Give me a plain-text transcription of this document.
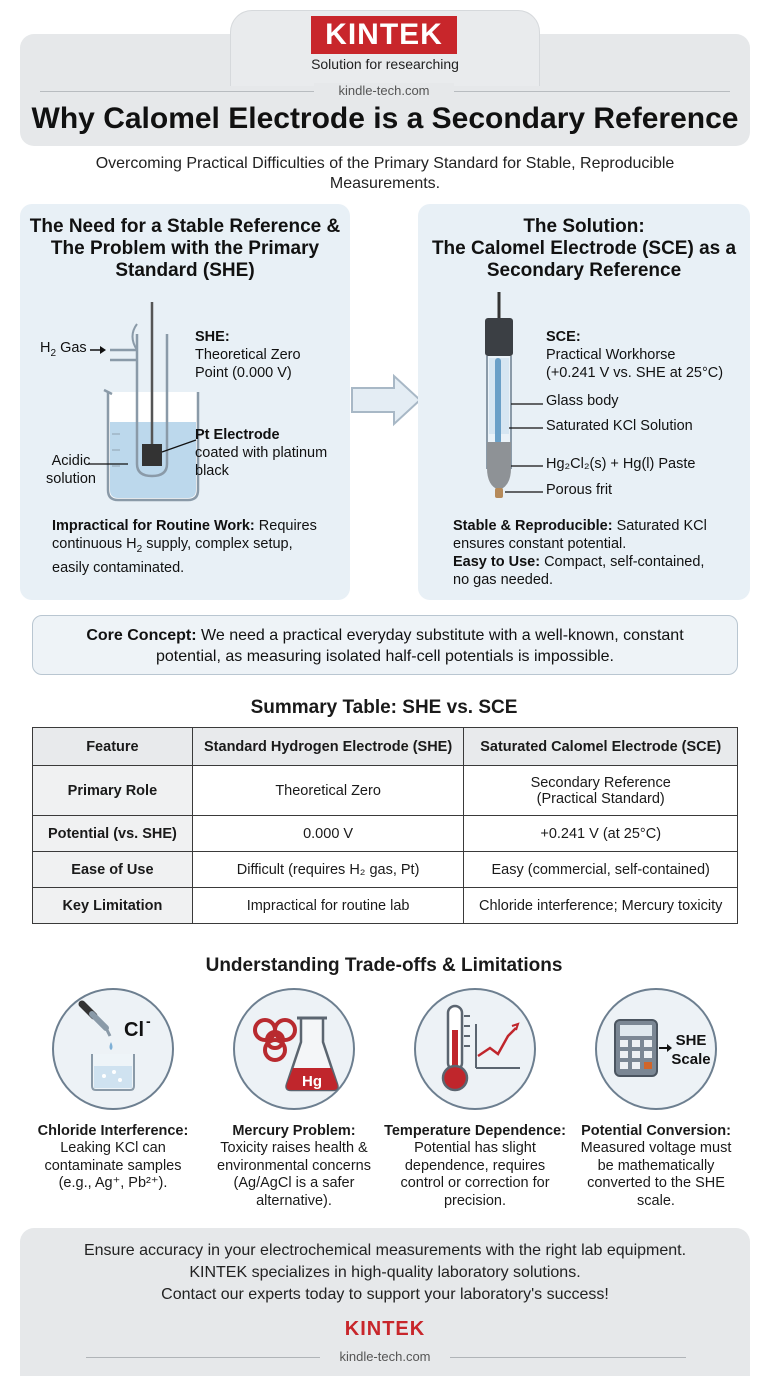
KINTEK
Solution for researching
kindle-tech.com
Why Calomel Electrode is a Secondary Reference
Overcoming Practical Difficulties of the Primary Standard for Stable, Reproducible Measurements.
The Need for a Stable Reference &
The Problem with the Primary
Standard (SHE)
$H_2$ Gas
Acidic
solution
SHE:
Theoretical Zero
Point (0.000 V)
Pt Electrode
coated with platinum
black
Impractical for Routine Work: Requires
continuous $H_2$ supply, complex setup,
easily contaminated.
The Solution:
The Calomel Electrode (SCE) as a
Secondary Reference
SCE:
Practical Workhorse
(+0.241 V vs. SHE at 25°C)
Glass body
Saturated KCl Solution
Hg₂Cl₂(s) + Hg(l) Paste
Porous frit
Stable & Reproducible: Saturated KCl
ensures constant potential.
Easy to Use: Compact, self-contained,
no gas needed.
Core Concept: We need a practical everyday substitute with a well-known, constant
potential, as measuring isolated half-cell potentials is impossible.
Summary Table: SHE vs. SCE
Feature	Standard Hydrogen Electrode (SHE)	Saturated Calomel Electrode (SCE)
Primary Role	Theoretical Zero	Secondary Reference
(Practical Standard)

Potential (vs. SHE)	0.000 V	+0.241 V (at 25°C)
Ease of Use	Difficult (requires H₂ gas, Pt)	Easy (commercial, self-contained)
Key Limitation	Impractical for routine lab	Chloride interference; Mercury toxicity
Understanding Trade-offs & Limitations
Cl -
Chloride Interference:
Leaking KCl can
contaminate samples
(e.g., Ag⁺, Pb²⁺).
Hg
Mercury Problem:
Toxicity raises health &
environmental concerns
(Ag/AgCl is a safer
alternative).
Temperature Dependence:
Potential has slight
dependence, requires
control or correction for
precision.
SHE
Scale
Potential Conversion:
Measured voltage must
be mathematically
converted to the SHE
scale.
Ensure accuracy in your electrochemical measurements with the right lab equipment.
KINTEK specializes in high-quality laboratory solutions.
Contact our experts today to support your laboratory's success!
KINTEK
kindle-tech.com
